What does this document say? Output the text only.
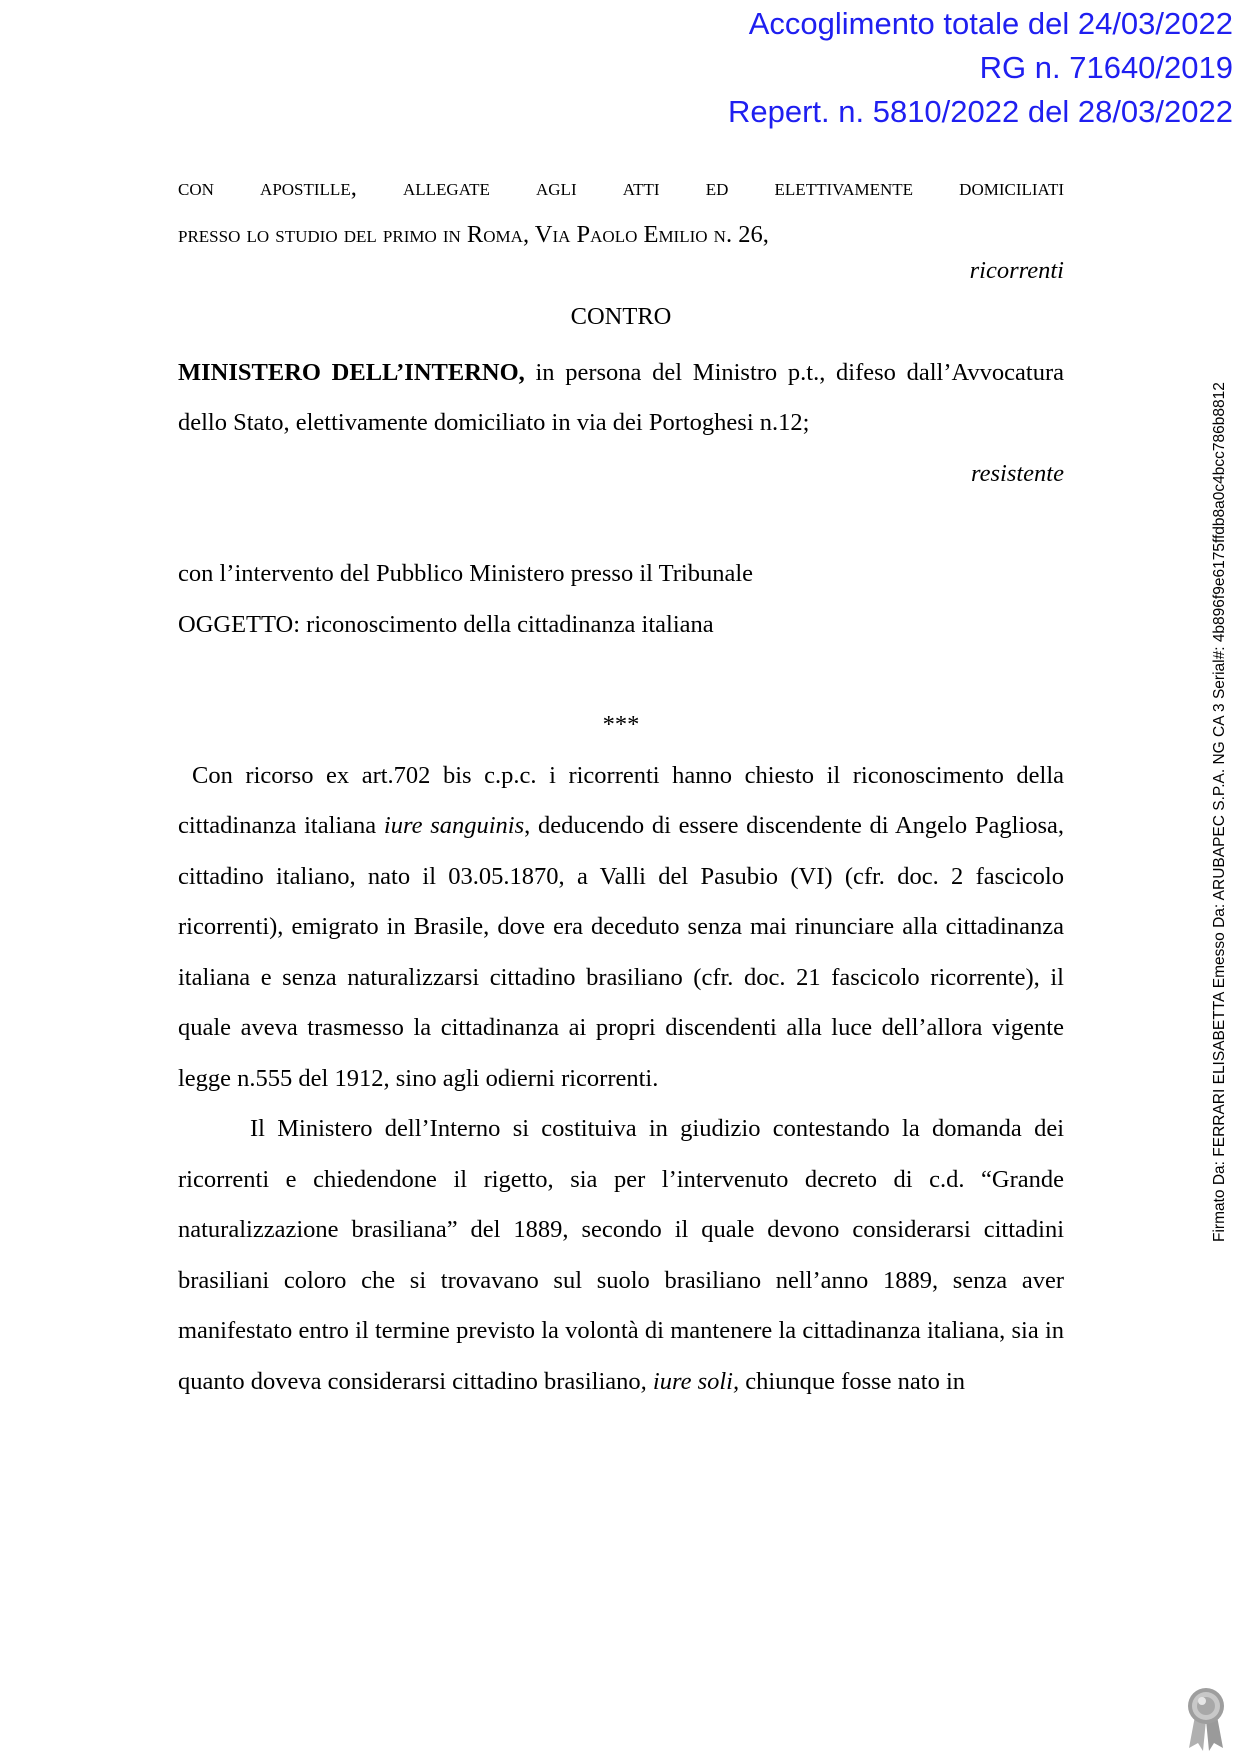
Accoglimento totale del 24/03/2022
RG n. 71640/2019
Repert. n. 5810/2022 del 28/03/2022
Firmato Da: FERRARI ELISABETTA Emesso Da: ARUBAPEC S.P.A. NG CA 3 Serial#: 4b896f9e6175ffdb8a0c4bcc786b8812

con apostille, allegate agli atti ed elettivamente domiciliati

presso lo studio del primo in Roma, Via Paolo Emilio n. 26,

ricorrenti

CONTRO

MINISTERO DELL’INTERNO, in persona del Ministro p.t., difeso dall’Avvocatura dello Stato, elettivamente domiciliato in via dei Portoghesi n.12;

resistente

con l’intervento del Pubblico Ministero presso il Tribunale

OGGETTO: riconoscimento della cittadinanza italiana

***

Con ricorso ex art.702 bis c.p.c. i ricorrenti hanno chiesto il riconoscimento della cittadinanza italiana iure sanguinis, deducendo di essere discendente di Angelo Pagliosa, cittadino italiano, nato il 03.05.1870, a Valli del Pasubio (VI) (cfr. doc. 2 fascicolo ricorrenti), emigrato in Brasile, dove era deceduto senza mai rinunciare alla cittadinanza italiana e senza naturalizzarsi cittadino brasiliano (cfr. doc. 21 fascicolo ricorrente), il quale aveva trasmesso la cittadinanza ai propri discendenti alla luce dell’allora vigente legge n.555 del 1912, sino agli odierni ricorrenti.

Il Ministero dell’Interno si costituiva in giudizio contestando la domanda dei ricorrenti e chiedendone il rigetto, sia per l’intervenuto decreto di c.d. “Grande naturalizzazione brasiliana” del 1889, secondo il quale devono considerarsi cittadini brasiliani coloro che si trovavano sul suolo brasiliano nell’anno 1889, senza aver manifestato entro il termine previsto la volontà di mantenere la cittadinanza italiana, sia in quanto doveva considerarsi cittadino brasiliano, iure soli, chiunque fosse nato in
